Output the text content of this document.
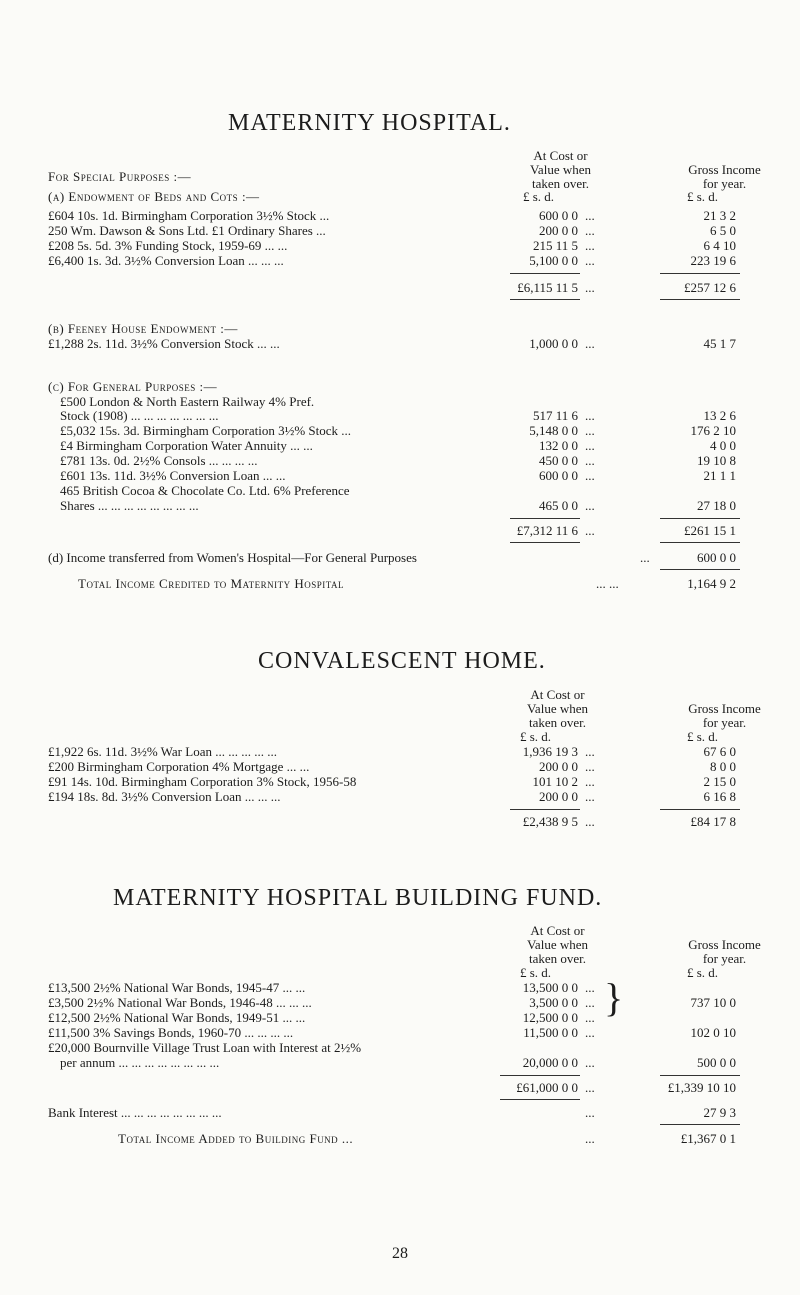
MATERNITY HOSPITAL.
At Cost or
Value when
taken over.
Gross Income
for year.
For Special Purposes :—
£ s. d.	£ s. d.
(a) Endowment of Beds and Cots :—
£604 10s. 1d. Birmingham Corporation 3½% Stock ...	600 0 0 ...	21 3 2
250 Wm. Dawson & Sons Ltd. £1 Ordinary Shares ...	200 0 0 ...	6 5 0
£208 5s. 5d. 3% Funding Stock, 1959-69 ... ...	215 11 5 ...	6 4 10
£6,400 1s. 3d. 3½% Conversion Loan ... ... ...	5,100 0 0 ...	223 19 6
£6,115 11 5 ...	£257 12 6
(b) Feeney House Endowment :—
£1,288 2s. 11d. 3½% Conversion Stock ... ...	1,000 0 0 ...	45 1 7
(c) For General Purposes :—
£500 London & North Eastern Railway 4% Pref.
Stock (1908) ... ... ... ... ... ... ...	517 11 6 ...	13 2 6
£5,032 15s. 3d. Birmingham Corporation 3½% Stock ...	5,148 0 0 ...	176 2 10
£4 Birmingham Corporation Water Annuity ... ...	132 0 0 ...	4 0 0
£781 13s. 0d. 2½% Consols ... ... ... ...	450 0 0 ...	19 10 8
£601 13s. 11d. 3½% Conversion Loan ... ...	600 0 0 ...	21 1 1
465 British Cocoa & Chocolate Co. Ltd. 6% Preference
Shares ... ... ... ... ... ... ... ...	465 0 0 ...	27 18 0
£7,312 11 6 ...	£261 15 1
(d) Income transferred from Women's Hospital—For General Purposes	...	600 0 0
Total Income Credited to Maternity Hospital	... ...	1,164 9 2
CONVALESCENT HOME.
At Cost or
Value when
taken over.
Gross Income
for year.
£ s. d.	£ s. d.
£1,922 6s. 11d. 3½% War Loan ... ... ... ... ...	1,936 19 3 ...	67 6 0
£200 Birmingham Corporation 4% Mortgage ... ...	200 0 0 ...	8 0 0
£91 14s. 10d. Birmingham Corporation 3% Stock, 1956-58	101 10 2 ...	2 15 0
£194 18s. 8d. 3½% Conversion Loan ... ... ...	200 0 0 ...	6 16 8
£2,438 9 5 ...	£84 17 8
MATERNITY HOSPITAL BUILDING FUND.
At Cost or
Value when
taken over.
Gross Income
for year.
£ s. d.	£ s. d.
£13,500 2½% National War Bonds, 1945-47 ... ...	13,500 0 0 ...
£3,500 2½% National War Bonds, 1946-48 ... ... ...	3,500 0 0 ...
£12,500 2½% National War Bonds, 1949-51 ... ...	12,500 0 0 ... }	737 10 0
£11,500 3% Savings Bonds, 1960-70 ... ... ... ...	11,500 0 0 ...	102 0 10
£20,000 Bournville Village Trust Loan with Interest at 2½%
per annum ... ... ... ... ... ... ... ...	20,000 0 0 ...	500 0 0
£61,000 0 0 ...	£1,339 10 10
Bank Interest ... ... ... ... ... ... ... ...	...	27 9 3
Total Income Added to Building Fund ...	...	£1,367 0 1
28
